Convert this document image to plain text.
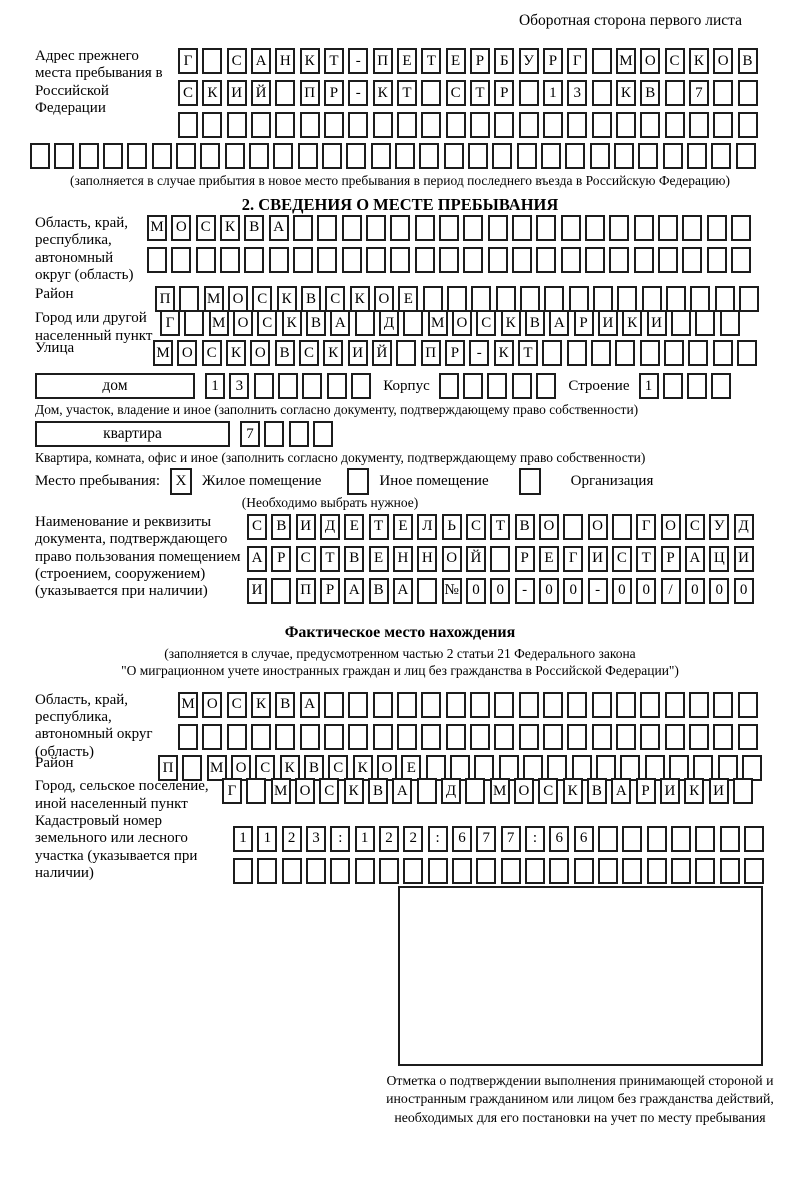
Оборотная сторона первого листа
Адрес прежнего места пребывания в Российской Федерации
Г	С А Н К Т	-	П Е	Т	Е	Р	Б У Р	Г	М О С К О В
С К И Й	П Р	-	К Т	С Т	Р	1	3	К В	7
(заполняется в случае прибытия в новое место пребывания в период последнего въезда в Российскую Федерацию)
2. СВЕДЕНИЯ О МЕСТЕ ПРЕБЫВАНИЯ
Область, край, республика, автономный округ (область)
М О С К В А
Район	П	М О С К В С К О Е
Город или другой населенный пункт
Г	М О С К В А	Д	М О С К В А Р И К И
Улица	М О С К О В С К И Й	П Р	-	К Т
дом	1	3	Корпус	Строение	1
Дом, участок, владение и иное (заполнить согласно документу, подтверждающему право собственности)
квартира	7
Квартира, комната, офис и иное (заполнить согласно документу, подтверждающему право собственности)
Место пребывания:	X	Жилое помещение	Иное помещение	Организация
(Необходимо выбрать нужное)
Наименование и реквизиты документа, подтверждающего право пользования помещением (строением, сооружением) (указывается при наличии)
С В И Д Е	Т	Е Л Ь	С Т В О	О	Г О С У Д
А Р	С Т В Е Н Н О Й	Р	Е	Г И С Т	Р А Ц И
И	П Р А В А	№ 0	0	-	0	0	-	0	0	/	0	0	0
Фактическое место нахождения
(заполняется в случае, предусмотренном частью 2 статьи 21 Федерального закона
"О миграционном учете иностранных граждан и лиц без гражданства в Российской Федерации")
Область, край, республика, автономный округ (область)
М О С К В А
Район	П	М О С К В С К О Е
Город, сельское поселение, иной населенный пункт
Г	М О С К В А	Д	М О С К В А Р И К И
Кадастровый номер земельного или лесного участка (указывается при наличии)
1	1	2	3	:	1	2	2	:	6	7	7	:	6	6
Отметка о подтверждении выполнения принимающей стороной и иностранным гражданином или лицом без гражданства действий, необходимых для его постановки на учет по месту пребывания
